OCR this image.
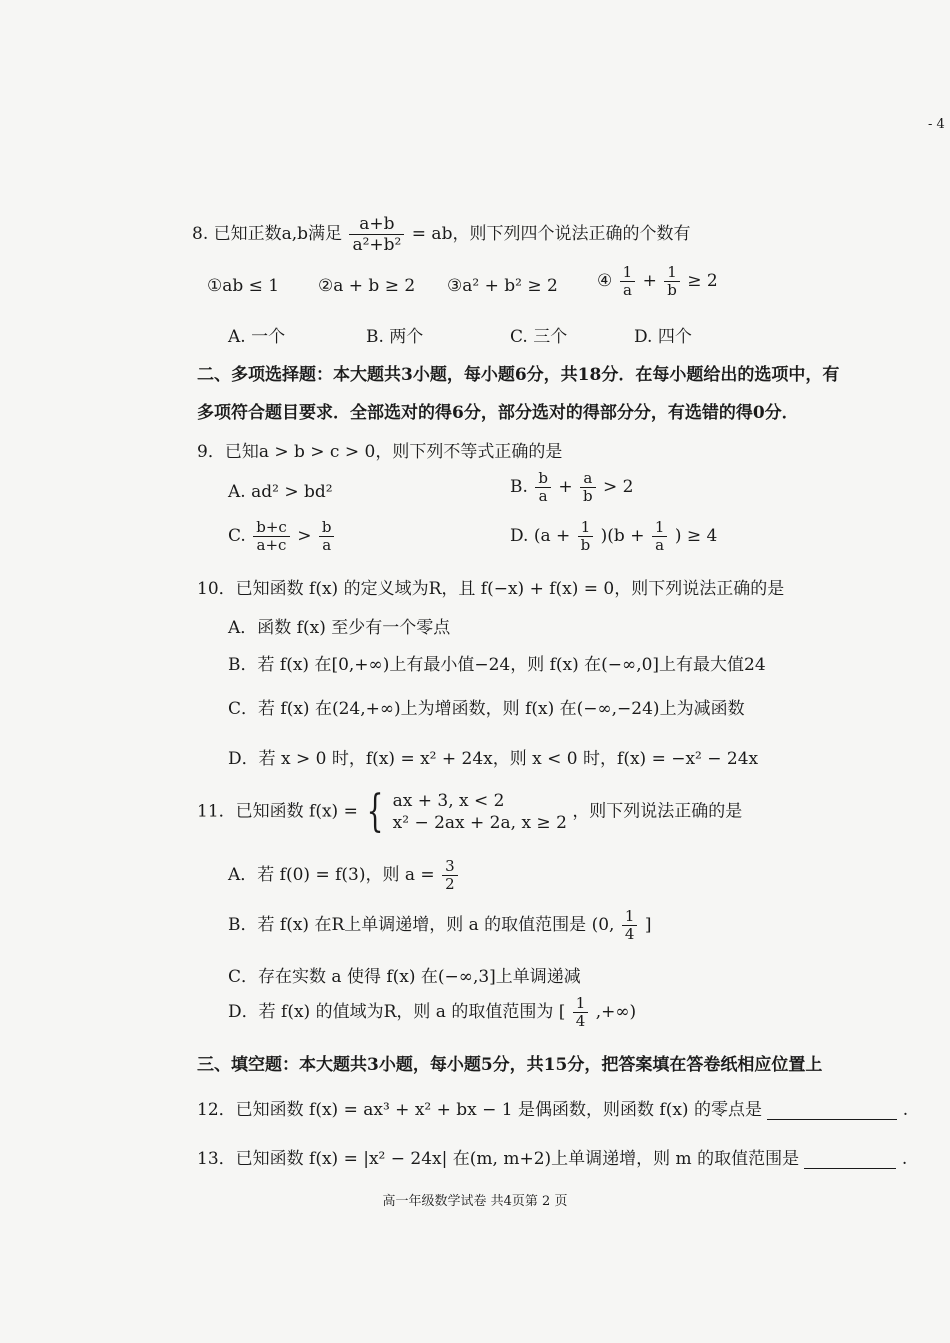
- 4
8. 已知正数a,b满足 $\frac{a+b}{\text{a²+b²}}$ = ab，则下列四个说法正确的个数有
①ab ≤ 1 ②a + b ≥ 2 ③a² + b² ≥ 2 ④ $\frac{1}{a} + \frac{1}{b} \ge 2$
A. 一个	B. 两个	C. 三个	D. 四个
二、多项选择题：本大题共3小题，每小题6分，共18分．在每小题给出的选项中，有
多项符合题目要求．全部选对的得6分，部分选对的得部分分，有选错的得0分．
9．已知a > b > c > 0，则下列不等式正确的是
A. ad² > bd²	B. $\frac{b}{a} + \frac{a}{b} > 2$
C. $\frac{b+c}{a+c} > \frac{b}{a}$	D. $(a + \frac{1}{b} )(b + \frac{1}{a}$ ) ≥ 4
10．已知函数 f(x) 的定义域为R，且 f(−x) + f(x) = 0，则下列说法正确的是
A．函数 f(x) 至少有一个零点
B．若 f(x) 在[0,+∞)上有最小值−24，则 f(x) 在(−∞,0]上有最大值24
C．若 f(x) 在(24,+∞)上为增函数，则 f(x) 在(−∞,−24)上为减函数
D．若 x > 0 时，f(x) = x² + 24x，则 x < 0 时，f(x) = −x² − 24x
11．已知函数 f(x) = { ax + 3, x < 2
x² − 2ax + 2a, x ≥ 2
，则下列说法正确的是
A．若 f(0) = f(3)，则 $a = \frac{3}{2}$
B．若 f(x) 在R上单调递增，则 a 的取值范围是 (0, $\frac{1}{4}$ ]
C．存在实数 a 使得 f(x) 在(−∞,3]上单调递减
D．若 f(x) 的值域为R，则 a 的取值范围为 [ $\frac{1}{4}$ ,+∞)
三、填空题：本大题共3小题，每小题5分，共15分，把答案填在答卷纸相应位置上
12．已知函数 f(x) = ax³ + x² + bx − 1 是偶函数，则函数 f(x) 的零点是	.
13．已知函数 f(x) = |x² − 24x| 在(m, m+2)上单调递增，则 m 的取值范围是	.
高一年级数学试卷 共4页第 2 页
